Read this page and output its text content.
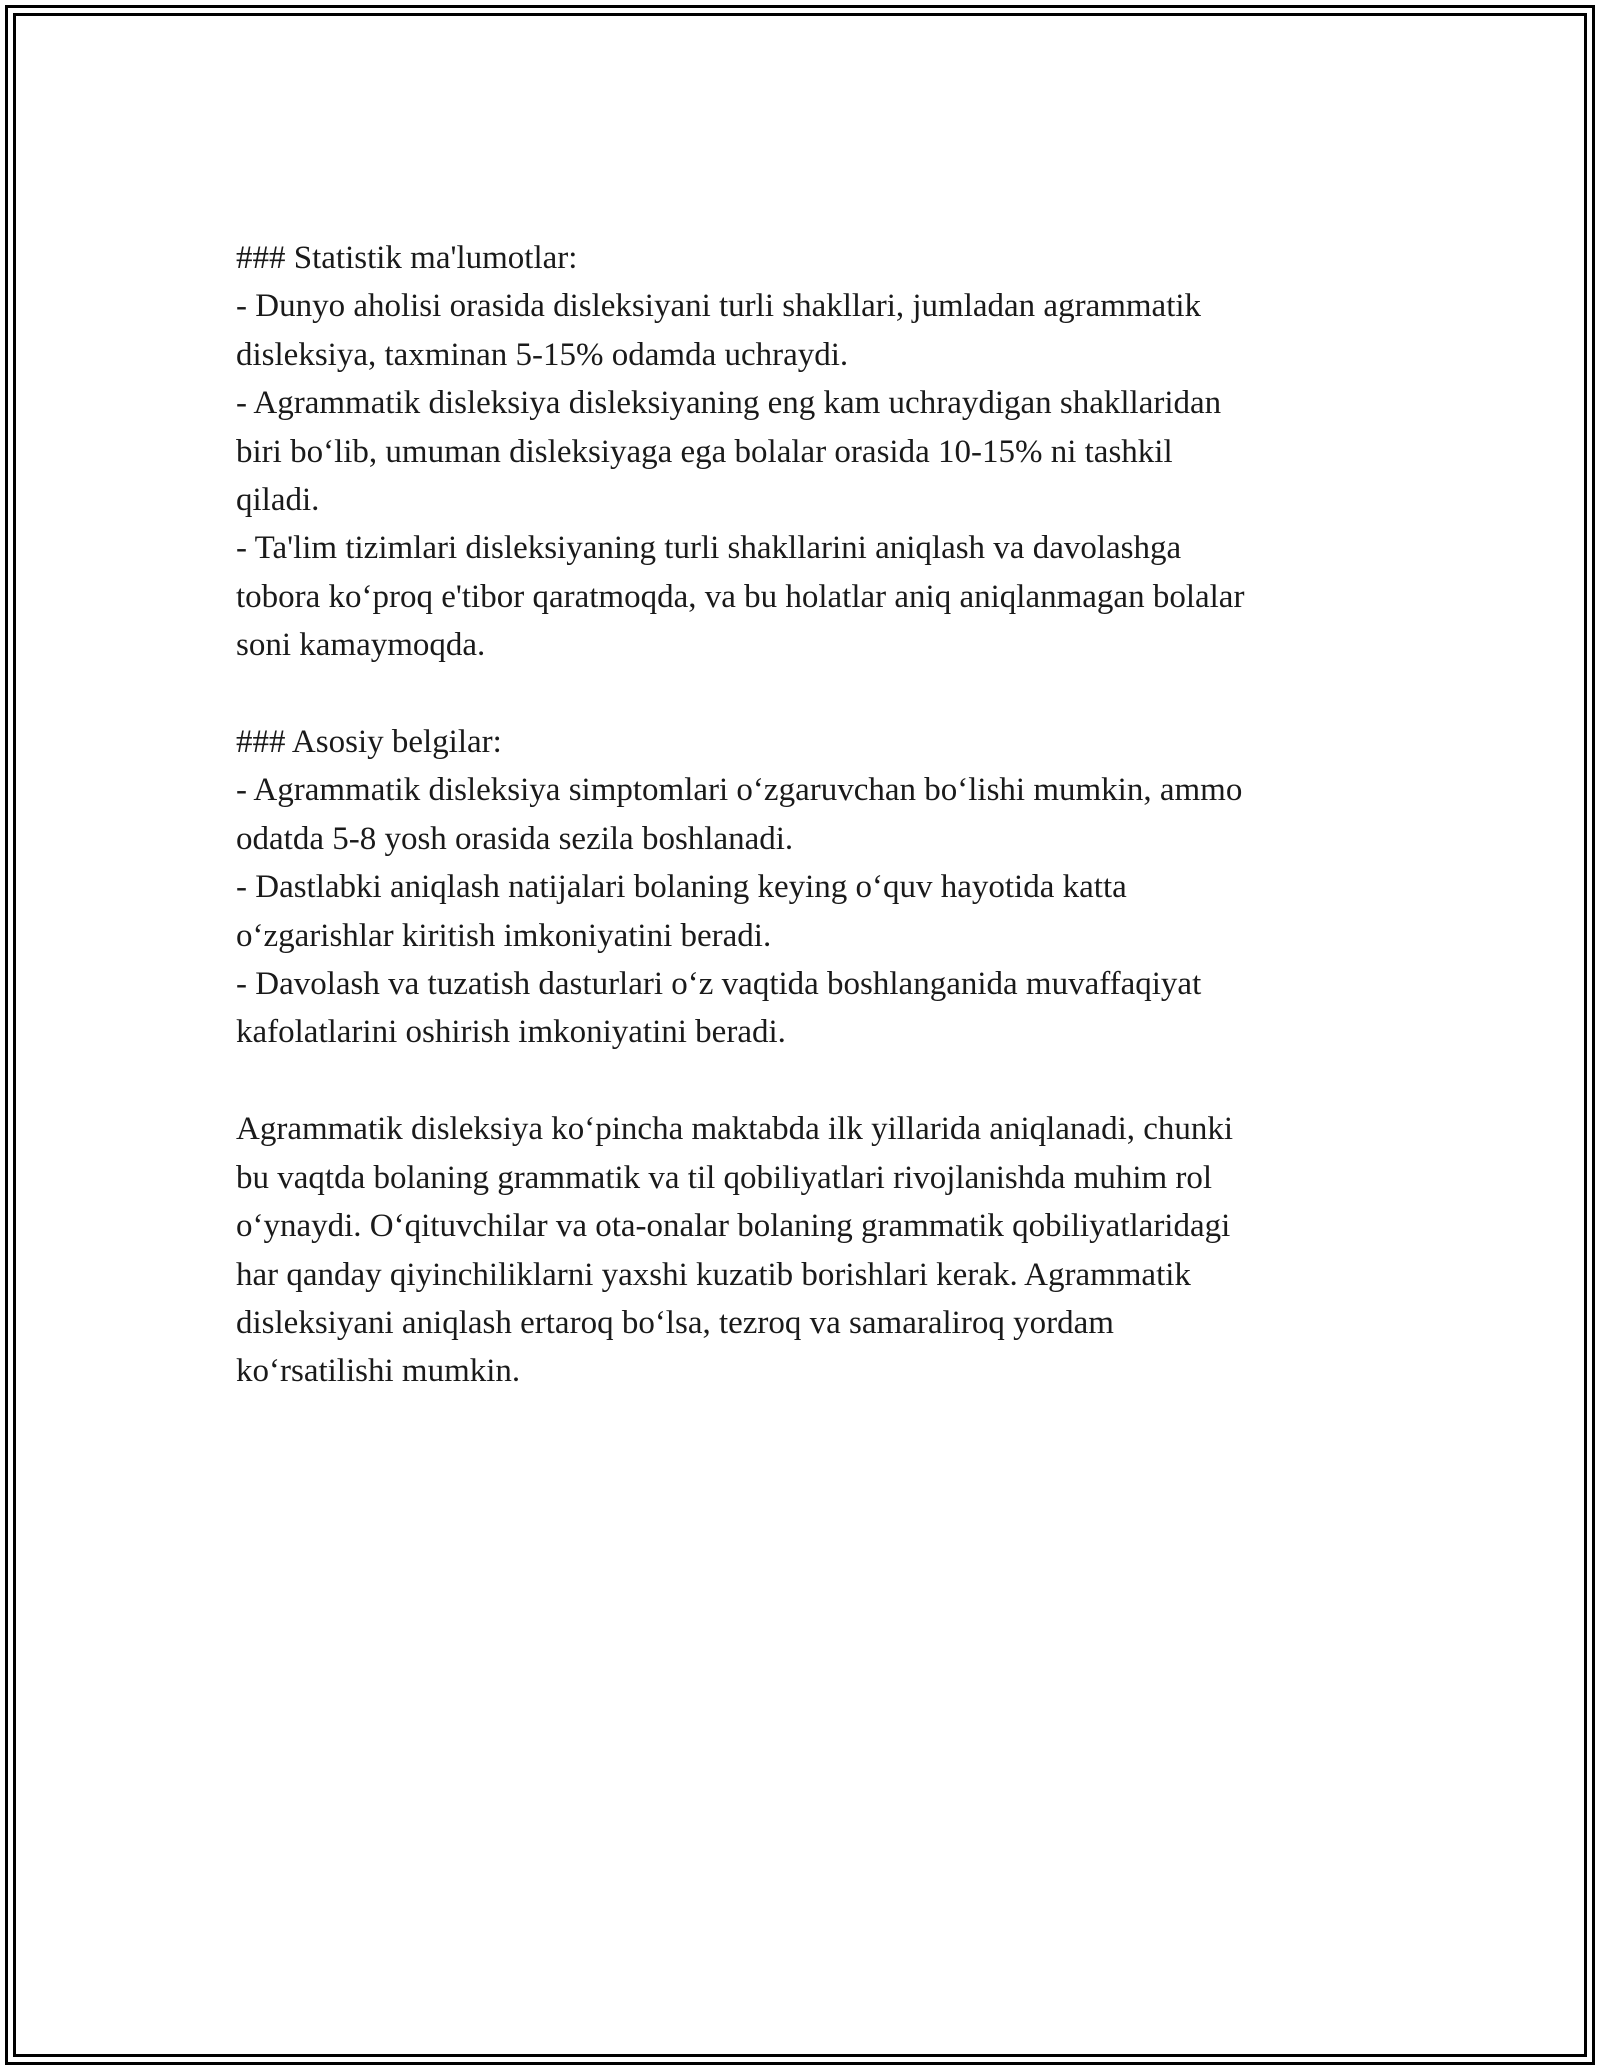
### Statistik ma'lumotlar:
- Dunyo aholisi orasida disleksiyani turli shakllari, jumladan agrammatik
disleksiya, taxminan 5-15% odamda uchraydi.
- Agrammatik disleksiya disleksiyaning eng kam uchraydigan shakllaridan
biri boʻlib, umuman disleksiyaga ega bolalar orasida 10-15% ni tashkil
qiladi.
- Ta'lim tizimlari disleksiyaning turli shakllarini aniqlash va davolashga
tobora koʻproq e'tibor qaratmoqda, va bu holatlar aniq aniqlanmagan bolalar
soni kamaymoqda.
### Asosiy belgilar:
- Agrammatik disleksiya simptomlari oʻzgaruvchan boʻlishi mumkin, ammo
odatda 5-8 yosh orasida sezila boshlanadi.
- Dastlabki aniqlash natijalari bolaning keying oʻquv hayotida katta
oʻzgarishlar kiritish imkoniyatini beradi.
- Davolash va tuzatish dasturlari oʻz vaqtida boshlanganida muvaffaqiyat
kafolatlarini oshirish imkoniyatini beradi.
Agrammatik disleksiya koʻpincha maktabda ilk yillarida aniqlanadi, chunki
bu vaqtda bolaning grammatik va til qobiliyatlari rivojlanishda muhim rol
oʻynaydi. Oʻqituvchilar va ota-onalar bolaning grammatik qobiliyatlaridagi
har qanday qiyinchiliklarni yaxshi kuzatib borishlari kerak. Agrammatik
disleksiyani aniqlash ertaroq boʻlsa, tezroq va samaraliroq yordam
koʻrsatilishi mumkin.
